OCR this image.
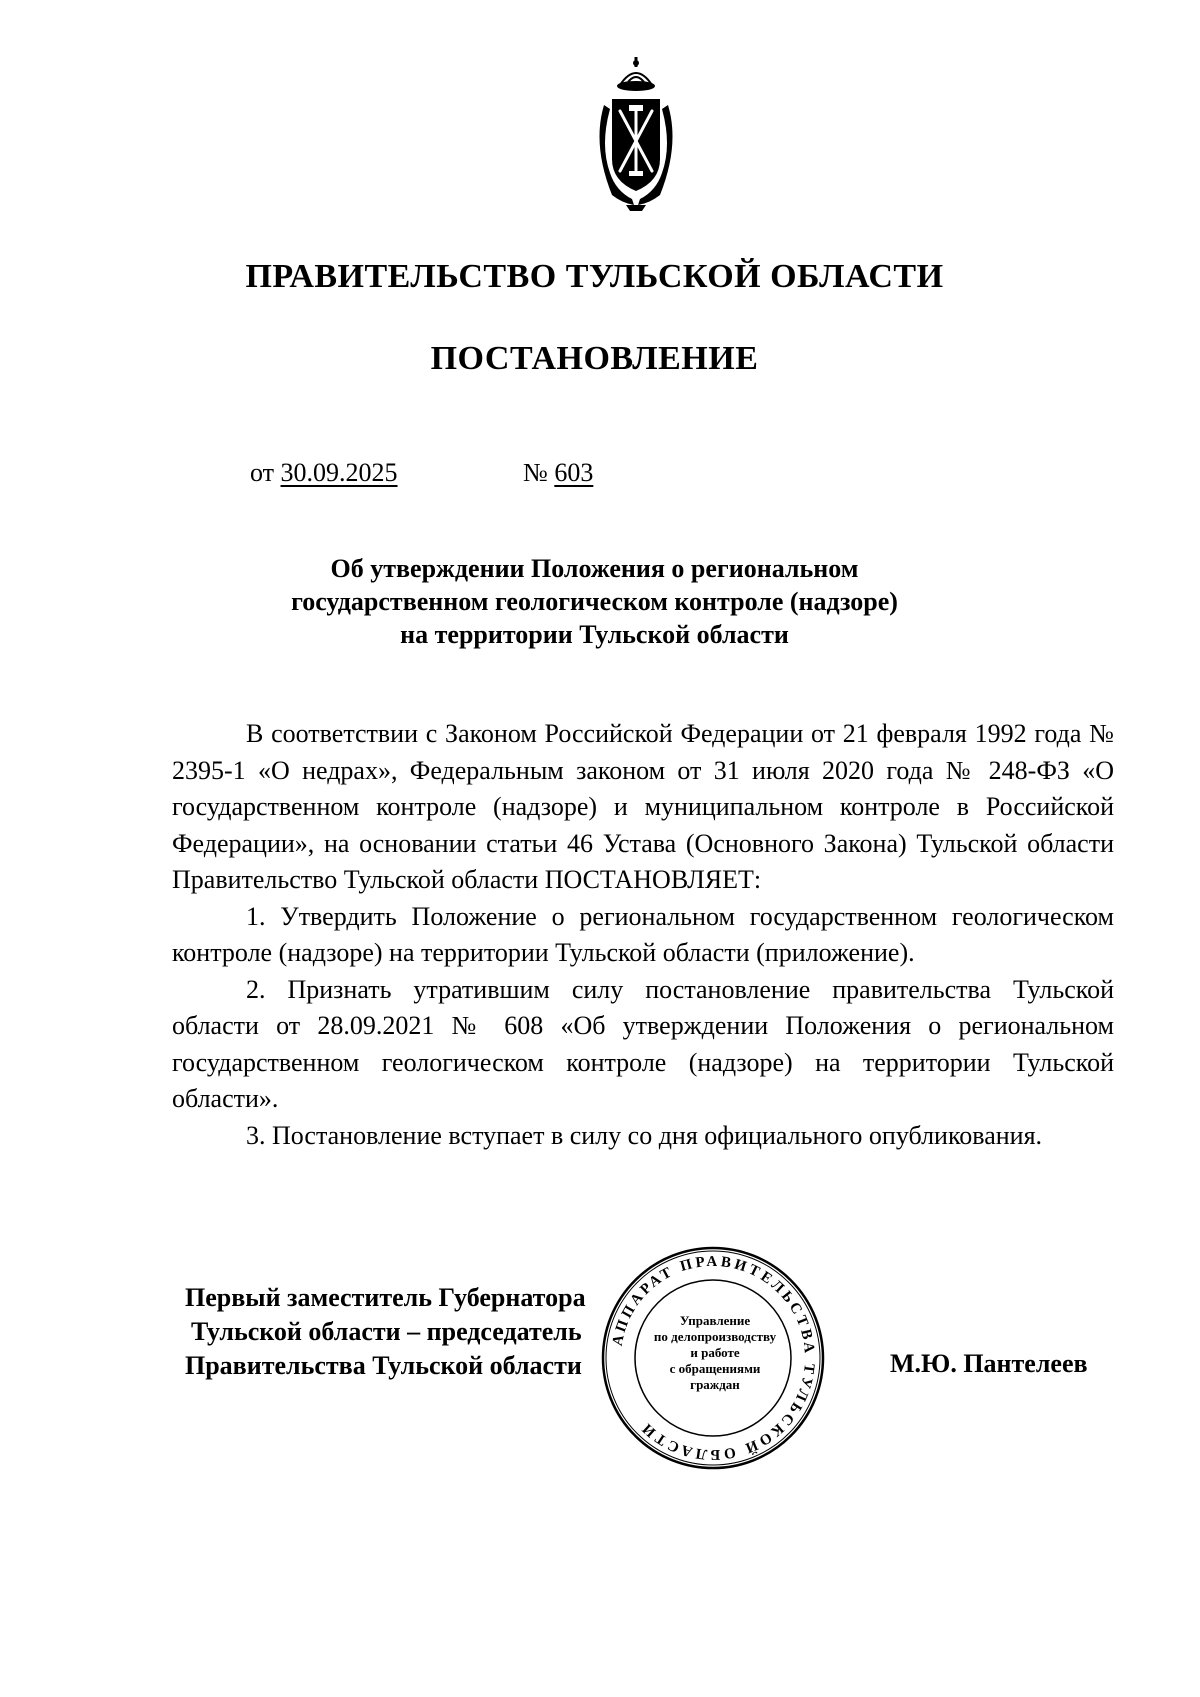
ПРАВИТЕЛЬСТВО ТУЛЬСКОЙ ОБЛАСТИ
ПОСТАНОВЛЕНИЕ
от 30.09.2025	№ 603
Об утверждении Положения о региональном
государственном геологическом контроле (надзоре)
на территории Тульской области

В соответствии с Законом Российской Федерации от 21 февраля 1992 года № 2395-1 «О недрах», Федеральным законом от 31 июля 2020 года № 248-ФЗ «О государственном контроле (надзоре) и муниципальном контроле в Российской Федерации», на основании статьи 46 Устава (Основного Закона) Тульской области Правительство Тульской области ПОСТАНОВЛЯЕТ:

1. Утвердить Положение о региональном государственном геологическом контроле (надзоре) на территории Тульской области (приложение).

2. Признать утратившим силу постановление правительства Тульской области от 28.09.2021 № 608 «Об утверждении Положения о региональном государственном геологическом контроле (надзоре) на территории Тульской области».

3. Постановление вступает в силу со дня официального опубликования.

АППАРАТ ПРАВИТЕЛЬСТВА ТУЛЬСКОЙ ОБЛАСТИ
Управление
по делопроизводству
и работе
с обращениями
граждан
Первый заместитель Губернатора
Тульской области – председатель
Правительства Тульской области	М.Ю. Пантелеев
